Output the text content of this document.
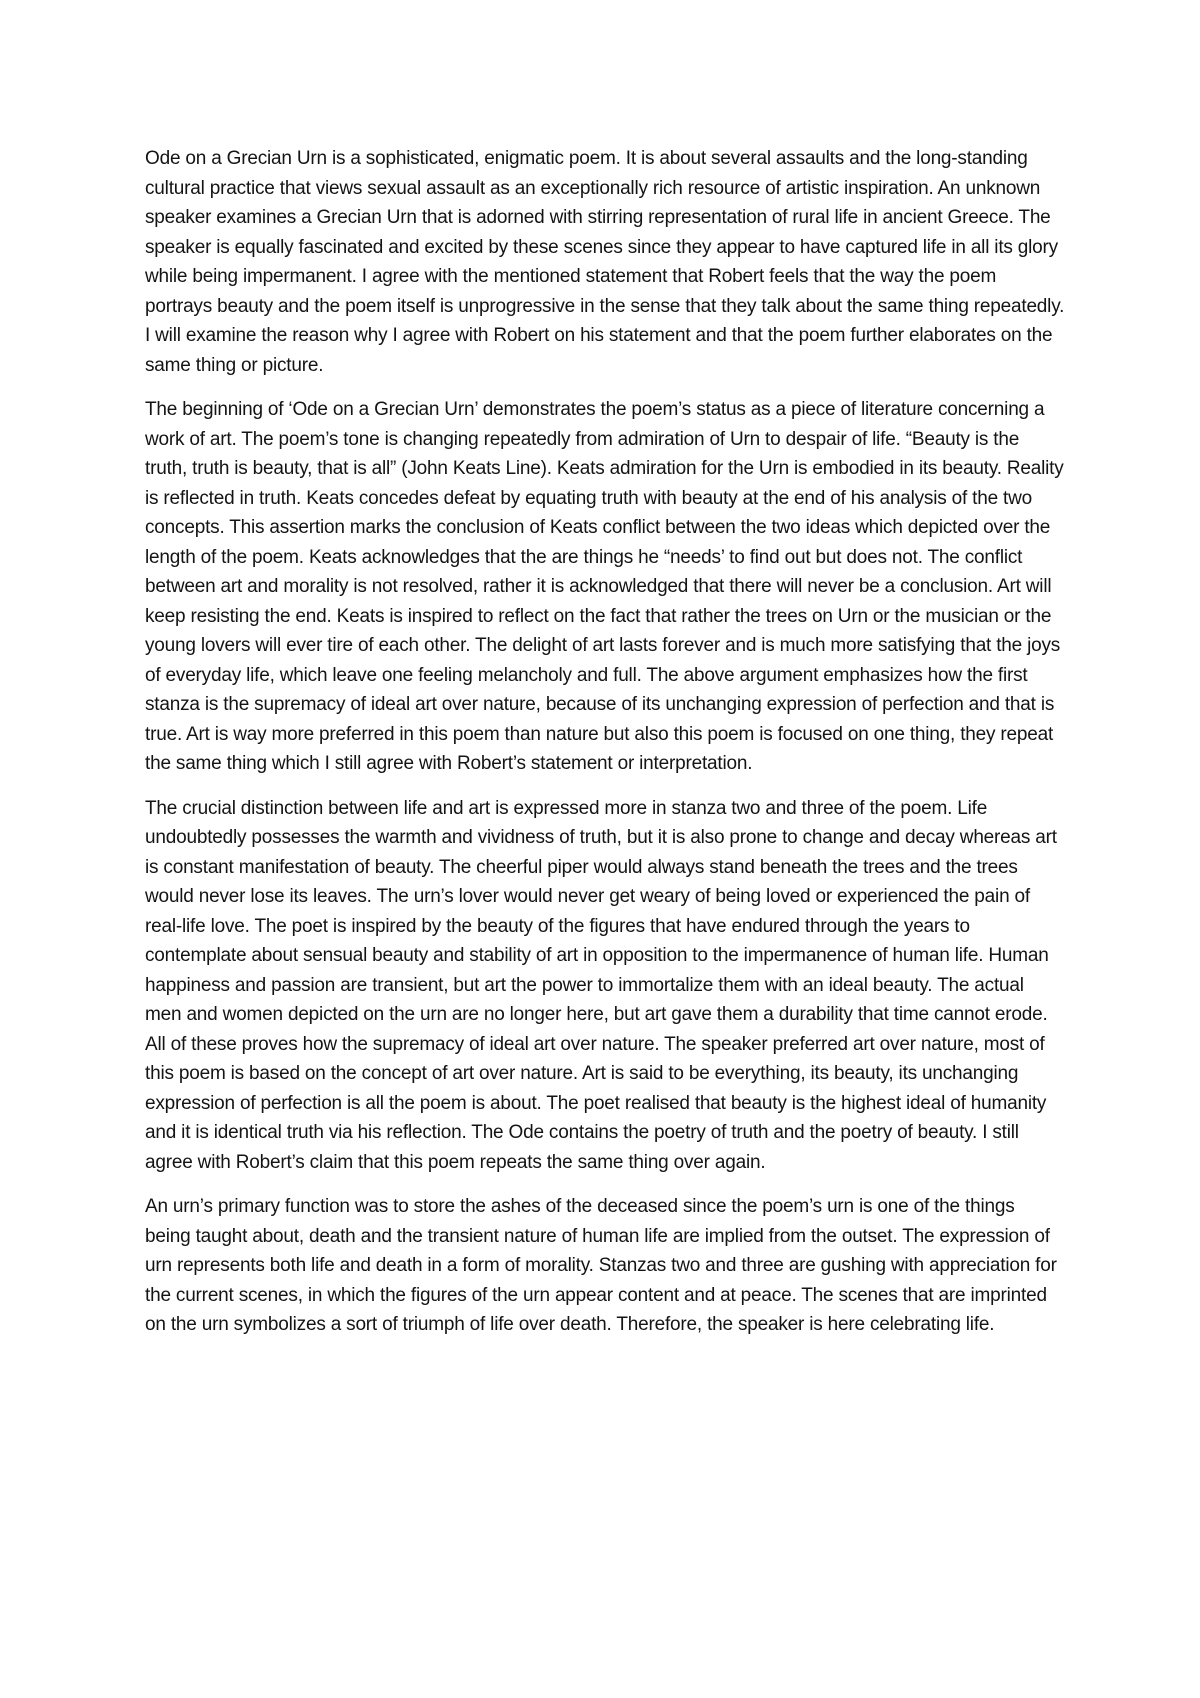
Ode on a Grecian Urn is a sophisticated, enigmatic poem. It is about several assaults and the long-standing cultural practice that views sexual assault as an exceptionally rich resource of artistic inspiration. An unknown speaker examines a Grecian Urn that is adorned with stirring representation of rural life in ancient Greece. The speaker is equally fascinated and excited by these scenes since they appear to have captured life in all its glory while being impermanent. I agree with the mentioned statement that Robert feels that the way the poem portrays beauty and the poem itself is unprogressive in the sense that they talk about the same thing repeatedly. I will examine the reason why I agree with Robert on his statement and that the poem further elaborates on the same thing or picture.

The beginning of ‘Ode on a Grecian Urn’ demonstrates the poem’s status as a piece of literature concerning a work of art. The poem’s tone is changing repeatedly from admiration of Urn to despair of life. “Beauty is the truth, truth is beauty, that is all” (John Keats Line). Keats admiration for the Urn is embodied in its beauty. Reality is reflected in truth. Keats concedes defeat by equating truth with beauty at the end of his analysis of the two concepts. This assertion marks the conclusion of Keats conflict between the two ideas which depicted over the length of the poem. Keats acknowledges that the are things he “needs’ to find out but does not. The conflict between art and morality is not resolved, rather it is acknowledged that there will never be a conclusion. Art will keep resisting the end. Keats is inspired to reflect on the fact that rather the trees on Urn or the musician or the young lovers will ever tire of each other. The delight of art lasts forever and is much more satisfying that the joys of everyday life, which leave one feeling melancholy and full. The above argument emphasizes how the first stanza is the supremacy of ideal art over nature, because of its unchanging expression of perfection and that is true. Art is way more preferred in this poem than nature but also this poem is focused on one thing, they repeat the same thing which I still agree with Robert’s statement or interpretation.

The crucial distinction between life and art is expressed more in stanza two and three of the poem. Life undoubtedly possesses the warmth and vividness of truth, but it is also prone to change and decay whereas art is constant manifestation of beauty. The cheerful piper would always stand beneath the trees and the trees would never lose its leaves. The urn’s lover would never get weary of being loved or experienced the pain of real-life love. The poet is inspired by the beauty of the figures that have endured through the years to contemplate about sensual beauty and stability of art in opposition to the impermanence of human life. Human happiness and passion are transient, but art the power to immortalize them with an ideal beauty. The actual men and women depicted on the urn are no longer here, but art gave them a durability that time cannot erode. All of these proves how the supremacy of ideal art over nature. The speaker preferred art over nature, most of this poem is based on the concept of art over nature. Art is said to be everything, its beauty, its unchanging expression of perfection is all the poem is about. The poet realised that beauty is the highest ideal of humanity and it is identical truth via his reflection. The Ode contains the poetry of truth and the poetry of beauty. I still agree with Robert’s claim that this poem repeats the same thing over again.

An urn’s primary function was to store the ashes of the deceased since the poem’s urn is one of the things being taught about, death and the transient nature of human life are implied from the outset. The expression of urn represents both life and death in a form of morality. Stanzas two and three are gushing with appreciation for the current scenes, in which the figures of the urn appear content and at peace. The scenes that are imprinted on the urn symbolizes a sort of triumph of life over death. Therefore, the speaker is here celebrating life.
